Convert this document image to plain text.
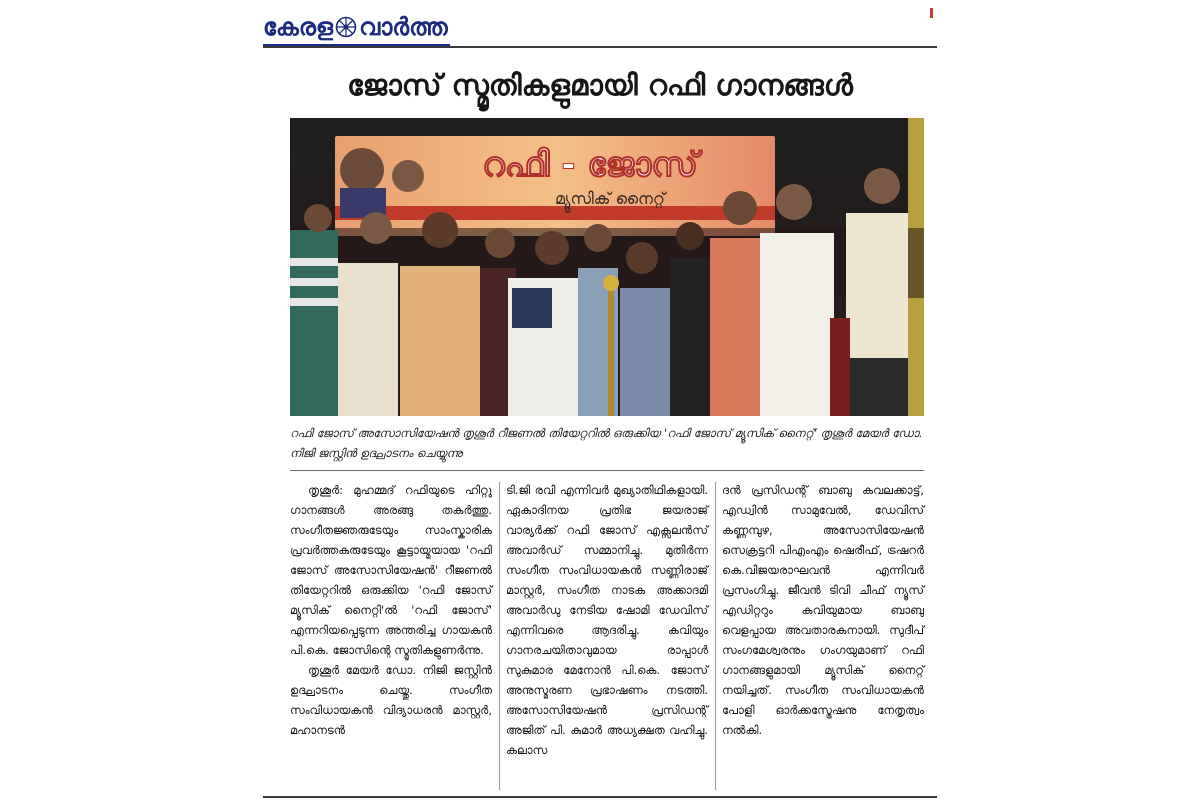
കേരള വാർത്ത
ജോസ് സ്മൃതികളുമായി റഫി ഗാനങ്ങൾ
റഫി - ജോസ്
മ്യൂസിക് നൈറ്റ്
റഫി ജോസ് അസോസിയേഷൻ തൃശൂർ റീജണൽ തിയേറ്ററിൽ ഒരുക്കിയ 'റഫി ജോസ് മ്യൂസിക് നൈറ്റ്' തൃശൂർ മേയർ ഡോ. നിജി ജസ്റ്റിൻ ഉദ്ഘാടനം ചെയ്യുന്നു

തൃശൂർ: മുഹമ്മദ് റഫിയുടെ ഹിറ്റു ഗാനങ്ങൾ അരങ്ങു തകർത്തു. സംഗീതജ്ഞരുടേയും സാംസ്കാരിക പ്രവർത്തകരുടേയും കൂട്ടായ്മയായ 'റഫി ജോസ് അസോസിയേഷൻ' റീജണൽ തിയേറ്ററിൽ ഒരുക്കിയ 'റഫി ജോസ് മ്യൂസിക് നൈറ്റി'ൽ 'റഫി ജോസ്' എന്നറിയപ്പെടുന്ന അന്തരിച്ച ഗായകൻ പി.കെ. ജോസിന്റെ സ്മൃതികളുണർന്നു.

തൃശൂർ മേയർ ഡോ. നിജി ജസ്റ്റിൻ ഉദ്ഘാടനം ചെയ്തു. സംഗീത സംവിധായകൻ വിദ്യാധരൻ മാസ്റ്റർ, മഹാനടൻ

ടി.ജി രവി എന്നിവർ മുഖ്യാതിഥികളായി. ഏകാദിനയ പ്രതിഭ ജയരാജ് വാര്യർക്ക് റഫി ജോസ് എക്സലൻസ് അവാർഡ് സമ്മാനിച്ചു. മുതിർന്ന സംഗീത സംവിധായകൻ സണ്ണിരാജ് മാസ്റ്റർ, സംഗീത നാടക അക്കാദമി അവാർഡു നേടിയ ഷോമി ഡേവിസ് എന്നിവരെ ആദരിച്ചു. കവിയും ഗാനരചയിതാവുമായ രാപ്പാൾ സുകുമാര മേനോൻ പി.കെ. ജോസ് അനുസ്മരണ പ്രഭാഷണം നടത്തി. അസോസിയേഷൻ പ്രസിഡന്റ് അജിത് പി. കുമാർ അധ്യക്ഷത വഹിച്ചു. കലാസ

ദൻ പ്രസിഡന്റ് ബാബു കവലക്കാട്ട്, എഡ്വിൻ സാമുവേൽ, ഡേവിസ് കണ്ണമ്പുഴ, അസോസിയേഷൻ സെക്രട്ടറി പിഎംഎം ഷെരീഫ്, ട്രഷറർ കെ.വിജയരാഘവൻ എന്നിവർ പ്രസംഗിച്ചു. ജീവൻ ടിവി ചീഫ് ന്യൂസ് എഡിറ്ററും കവിയുമായ ബാബു വെളപ്പായ അവതാരകനായി. സുദീപ് സംഗമേശ്വരനും ഗംഗയുമാണ് റഫി ഗാനങ്ങളുമായി മ്യൂസിക് നൈറ്റ് നയിച്ചത്. സംഗീത സംവിധായകൻ പോളി ഓർക്കസ്ട്രേഷനു നേതൃത്വം നൽകി.
